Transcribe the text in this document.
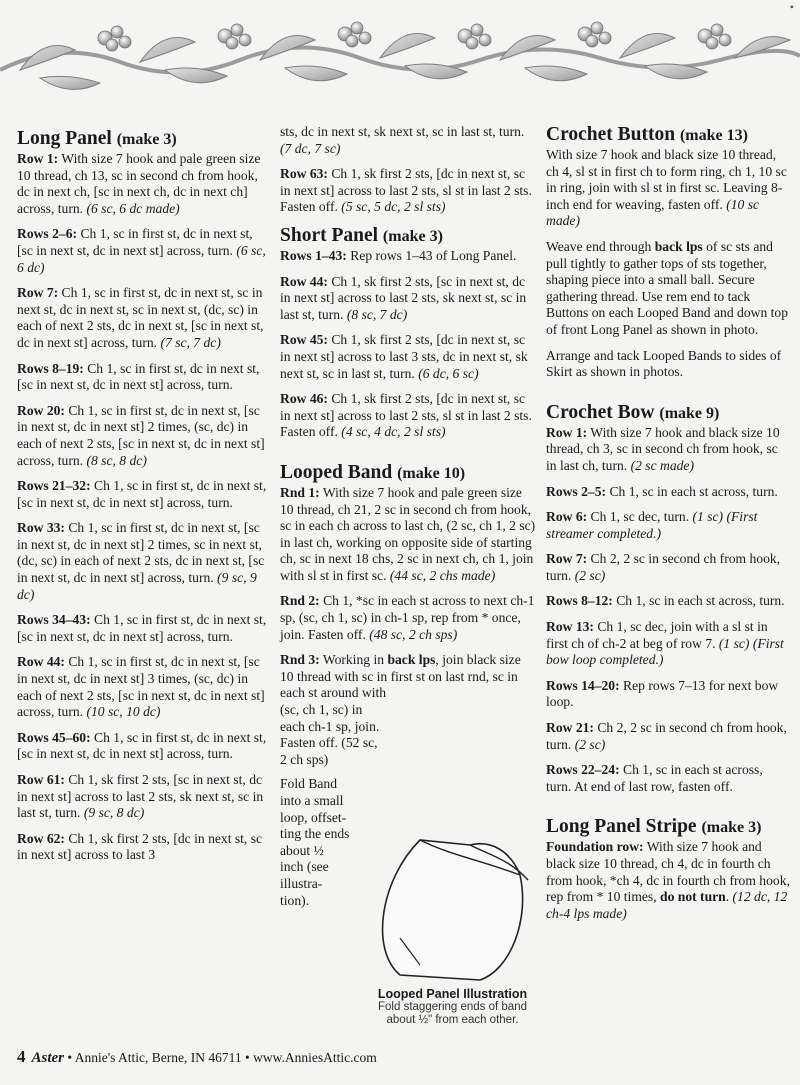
•

Long Panel (make 3)

Row 1: With size 7 hook and pale green size 10 thread, ch 13, sc in second ch from hook, dc in next ch, [sc in next ch, dc in next ch] across, turn. (6 sc, 6 dc made)

Rows 2–6: Ch 1, sc in first st, dc in next st, [sc in next st, dc in next st] across, turn. (6 sc, 6 dc)

Row 7: Ch 1, sc in first st, dc in next st, sc in next st, dc in next st, sc in next st, (dc, sc) in each of next 2 sts, dc in next st, [sc in next st, dc in next st] across, turn. (7 sc, 7 dc)

Rows 8–19: Ch 1, sc in first st, dc in next st, [sc in next st, dc in next st] across, turn.

Row 20: Ch 1, sc in first st, dc in next st, [sc in next st, dc in next st] 2 times, (sc, dc) in each of next 2 sts, [sc in next st, dc in next st] across, turn. (8 sc, 8 dc)

Rows 21–32: Ch 1, sc in first st, dc in next st, [sc in next st, dc in next st] across, turn.

Row 33: Ch 1, sc in first st, dc in next st, [sc in next st, dc in next st] 2 times, sc in next st, (dc, sc) in each of next 2 sts, dc in next st, [sc in next st, dc in next st] across, turn. (9 sc, 9 dc)

Rows 34–43: Ch 1, sc in first st, dc in next st, [sc in next st, dc in next st] across, turn.

Row 44: Ch 1, sc in first st, dc in next st, [sc in next st, dc in next st] 3 times, (sc, dc) in each of next 2 sts, [sc in next st, dc in next st] across, turn. (10 sc, 10 dc)

Rows 45–60: Ch 1, sc in first st, dc in next st, [sc in next st, dc in next st] across, turn.

Row 61: Ch 1, sk first 2 sts, [sc in next st, dc in next st] across to last 2 sts, sk next st, sc in last st, turn. (9 sc, 8 dc)

Row 62: Ch 1, sk first 2 sts, [dc in next st, sc in next st] across to last 3

sts, dc in next st, sk next st, sc in last st, turn. (7 dc, 7 sc)

Row 63: Ch 1, sk first 2 sts, [dc in next st, sc in next st] across to last 2 sts, sl st in last 2 sts. Fasten off. (5 sc, 5 dc, 2 sl sts)

Short Panel (make 3)

Rows 1–43: Rep rows 1–43 of Long Panel.

Row 44: Ch 1, sk first 2 sts, [sc in next st, dc in next st] across to last 2 sts, sk next st, sc in last st, turn. (8 sc, 7 dc)

Row 45: Ch 1, sk first 2 sts, [dc in next st, sc in next st] across to last 3 sts, dc in next st, sk next st, sc in last st, turn. (6 dc, 6 sc)

Row 46: Ch 1, sk first 2 sts, [dc in next st, sc in next st] across to last 2 sts, sl st in last 2 sts. Fasten off. (4 sc, 4 dc, 2 sl sts)

Looped Band (make 10)

Rnd 1: With size 7 hook and pale green size 10 thread, ch 21, 2 sc in second ch from hook, sc in each ch across to last ch, (2 sc, ch 1, 2 sc) in last ch, working on opposite side of starting ch, sc in next 18 chs, 2 sc in next ch, ch 1, join with sl st in first sc. (44 sc, 2 chs made)

Rnd 2: Ch 1, *sc in each st across to next ch-1 sp, (sc, ch 1, sc) in ch-1 sp, rep from * once, join. Fasten off. (48 sc, 2 ch sps)

Rnd 3: Working in back lps, join black size 10 thread with sc in first st on last rnd, sc in each st around with

(sc, ch 1, sc) in each ch-1 sp, join. Fasten off. (52 sc, 2 ch sps)

Fold Band into a small loop, offset-ting the ends about ½ inch (see illustra-tion).

Looped Panel Illustration
Fold staggering ends of band about ½" from each other.

Crochet Button (make 13)

With size 7 hook and black size 10 thread, ch 4, sl st in first ch to form ring, ch 1, 10 sc in ring, join with sl st in first sc. Leaving 8-inch end for weaving, fasten off. (10 sc made)

Weave end through back lps of sc sts and pull tightly to gather tops of sts together, shaping piece into a small ball. Secure gathering thread. Use rem end to tack Buttons on each Looped Band and down top of front Long Panel as shown in photo.

Arrange and tack Looped Bands to sides of Skirt as shown in photos.

Crochet Bow (make 9)

Row 1: With size 7 hook and black size 10 thread, ch 3, sc in second ch from hook, sc in last ch, turn. (2 sc made)

Rows 2–5: Ch 1, sc in each st across, turn.

Row 6: Ch 1, sc dec, turn. (1 sc) (First streamer completed.)

Row 7: Ch 2, 2 sc in second ch from hook, turn. (2 sc)

Rows 8–12: Ch 1, sc in each st across, turn.

Row 13: Ch 1, sc dec, join with a sl st in first ch of ch-2 at beg of row 7. (1 sc) (First bow loop completed.)

Rows 14–20: Rep rows 7–13 for next bow loop.

Row 21: Ch 2, 2 sc in second ch from hook, turn. (2 sc)

Rows 22–24: Ch 1, sc in each st across, turn. At end of last row, fasten off.

Long Panel Stripe (make 3)

Foundation row: With size 7 hook and black size 10 thread, ch 4, dc in fourth ch from hook, *ch 4, dc in fourth ch from hook, rep from * 10 times, do not turn. (12 dc, 12 ch-4 lps made)

4 Aster • Annie's Attic, Berne, IN 46711 • www.AnniesAttic.com
